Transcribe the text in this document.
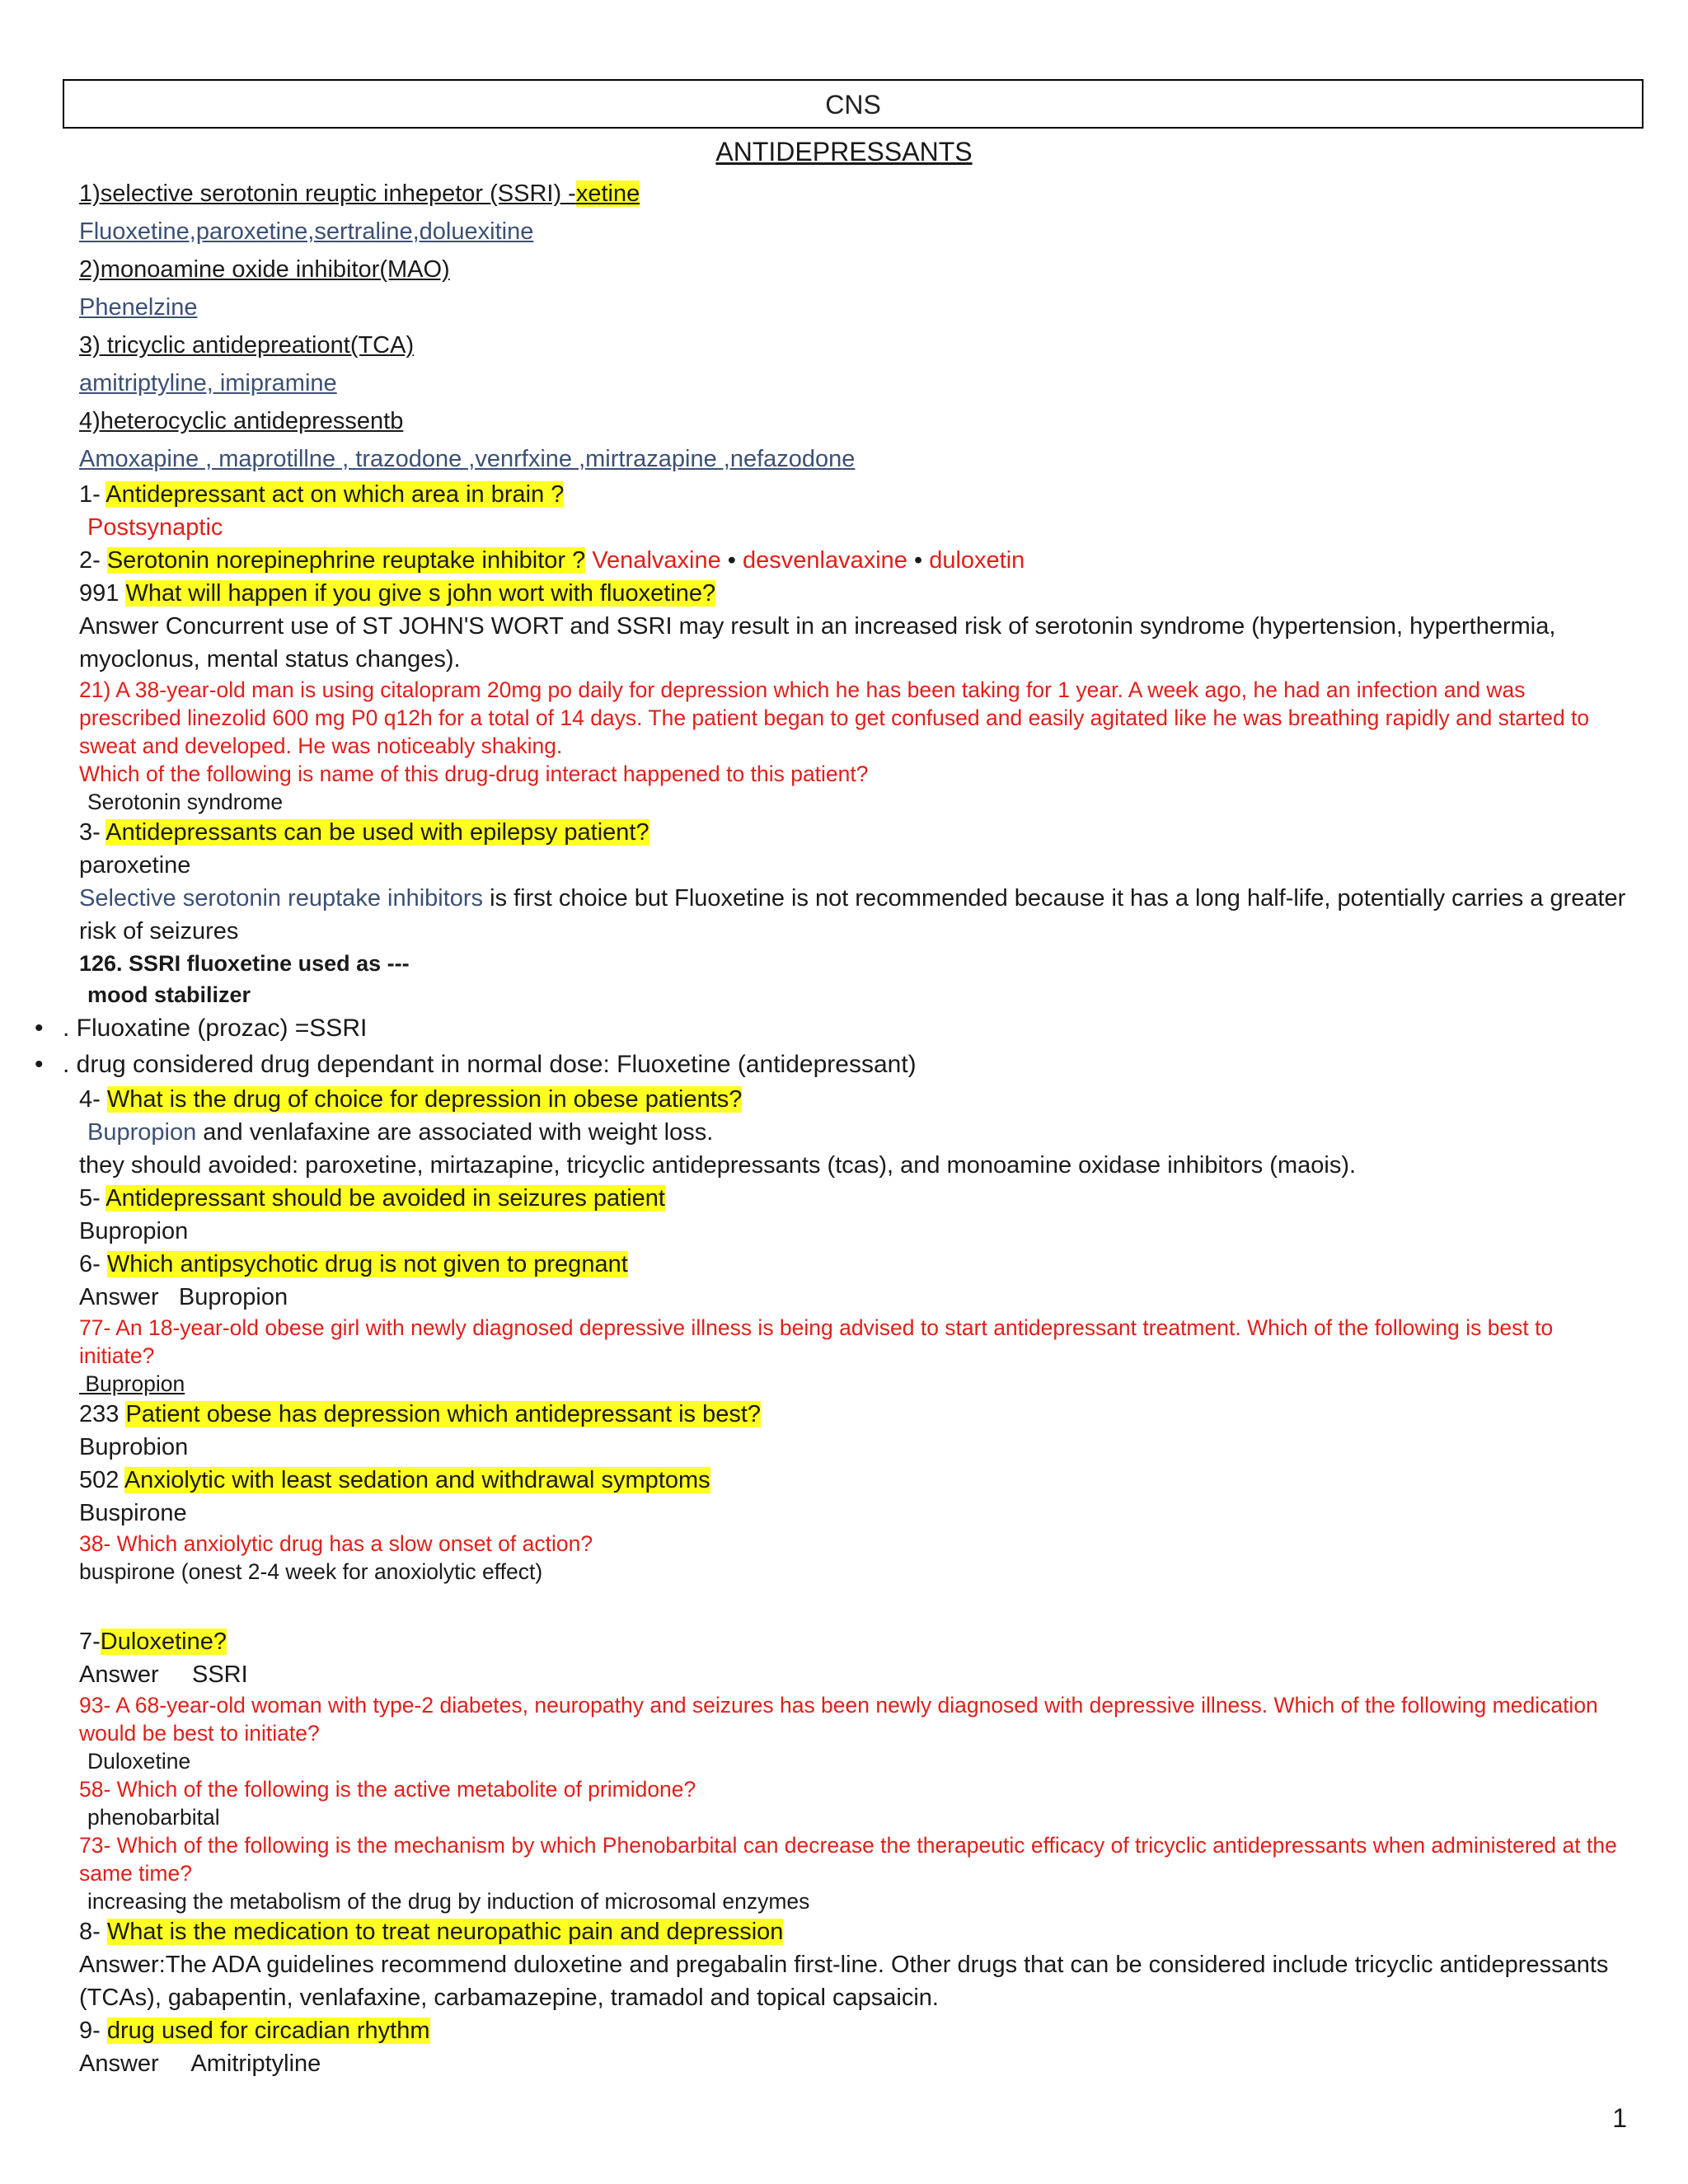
CNS
ANTIDEPRESSANTS
1)selective serotonin reuptic inhepetor (SSRI) -xetine
Fluoxetine,paroxetine,sertraline,doluexitine
2)monoamine oxide inhibitor(MAO)
Phenelzine
3) tricyclic antidepreationt(TCA)
amitriptyline, imipramine
4)heterocyclic antidepressentb
Amoxapine , maprotillne , trazodone ,venrfxine ,mirtrazapine ,nefazodone
1- Antidepressant act on which area in brain ?
Postsynaptic
2- Serotonin norepinephrine reuptake inhibitor ? Venalvaxine • desvenlavaxine • duloxetin
991 What will happen if you give s john wort with fluoxetine?
Answer Concurrent use of ST JOHN'S WORT and SSRI may result in an increased risk of serotonin syndrome (hypertension, hyperthermia, myoclonus, mental status changes).
21) A 38-year-old man is using citalopram 20mg po daily for depression which he has been taking for 1 year. A week ago, he had an infection and was prescribed linezolid 600 mg P0 q12h for a total of 14 days. The patient began to get confused and easily agitated like he was breathing rapidly and started to sweat and developed. He was noticeably shaking.
Which of the following is name of this drug-drug interact happened to this patient?
Serotonin syndrome
3- Antidepressants can be used with epilepsy patient?
paroxetine
Selective serotonin reuptake inhibitors is first choice but Fluoxetine is not recommended because it has a long half-life, potentially carries a greater risk of seizures
126. SSRI fluoxetine used as ---
mood stabilizer
• . Fluoxatine (prozac) =SSRI
• . drug considered drug dependant in normal dose: Fluoxetine (antidepressant)
4- What is the drug of choice for depression in obese patients?
Bupropion and venlafaxine are associated with weight loss.
they should avoided: paroxetine, mirtazapine, tricyclic antidepressants (tcas), and monoamine oxidase inhibitors (maois).
5- Antidepressant should be avoided in seizures patient
Bupropion
6- Which antipsychotic drug is not given to pregnant
Answer   Bupropion
77- An 18-year-old obese girl with newly diagnosed depressive illness is being advised to start antidepressant treatment. Which of the following is best to initiate?
Bupropion
233 Patient obese has depression which antidepressant is best?
Buprobion
502 Anxiolytic with least sedation and withdrawal symptoms
Buspirone
38- Which anxiolytic drug has a slow onset of action?
buspirone (onest 2-4 week for anoxiolytic effect)
7-Duloxetine?
Answer     SSRI
93- A 68-year-old woman with type-2 diabetes, neuropathy and seizures has been newly diagnosed with depressive illness. Which of the following medication would be best to initiate?
Duloxetine
58- Which of the following is the active metabolite of primidone?
phenobarbital
73- Which of the following is the mechanism by which Phenobarbital can decrease the therapeutic efficacy of tricyclic antidepressants when administered at the same time?
increasing the metabolism of the drug by induction of microsomal enzymes
8- What is the medication to treat neuropathic pain and depression
Answer:The ADA guidelines recommend duloxetine and pregabalin first-line. Other drugs that can be considered include tricyclic antidepressants (TCAs), gabapentin, venlafaxine, carbamazepine, tramadol and topical capsaicin.
9- drug used for circadian rhythm
Answer     Amitriptyline
1
